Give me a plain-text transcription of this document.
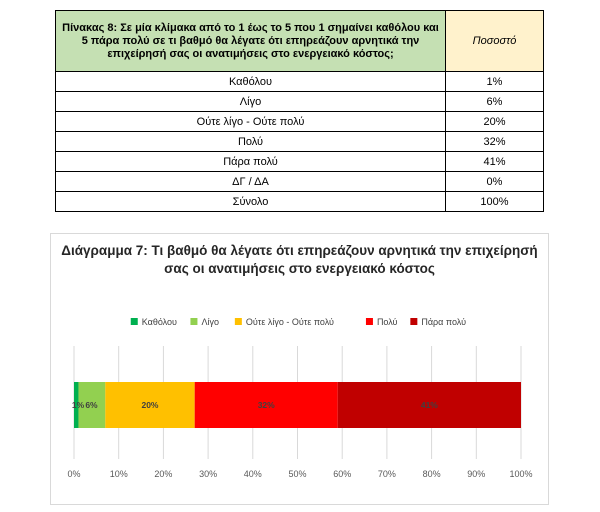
Πίνακας 8: Σε μία κλίμακα από το 1 έως το 5 που 1 σημαίνει καθόλου και 5 πάρα πολύ σε τι βαθμό θα λέγατε ότι επηρεάζουν αρνητικά την επιχείρησή σας οι ανατιμήσεις στο ενεργειακό κόστος;	Ποσοστό
Καθόλου	1%
Λίγο	6%
Ούτε λίγο - Ούτε πολύ	20%
Πολύ	32%
Πάρα πολύ	41%
ΔΓ / ΔΑ	0%
Σύνολο	100%
1% 6%	20%	32%	41%
0%	10%	20%	30%	40%	50%	60%	70%	80%	90%	100%
Καθόλου	Λίγο	Ούτε λίγο - Ούτε πολύ	Πολύ	Πάρα πολύ
Διάγραμμα 7: Τι βαθμό θα λέγατε ότι επηρεάζουν αρνητικά την επιχείρησή σας οι ανατιμήσεις στο ενεργειακό κόστος
